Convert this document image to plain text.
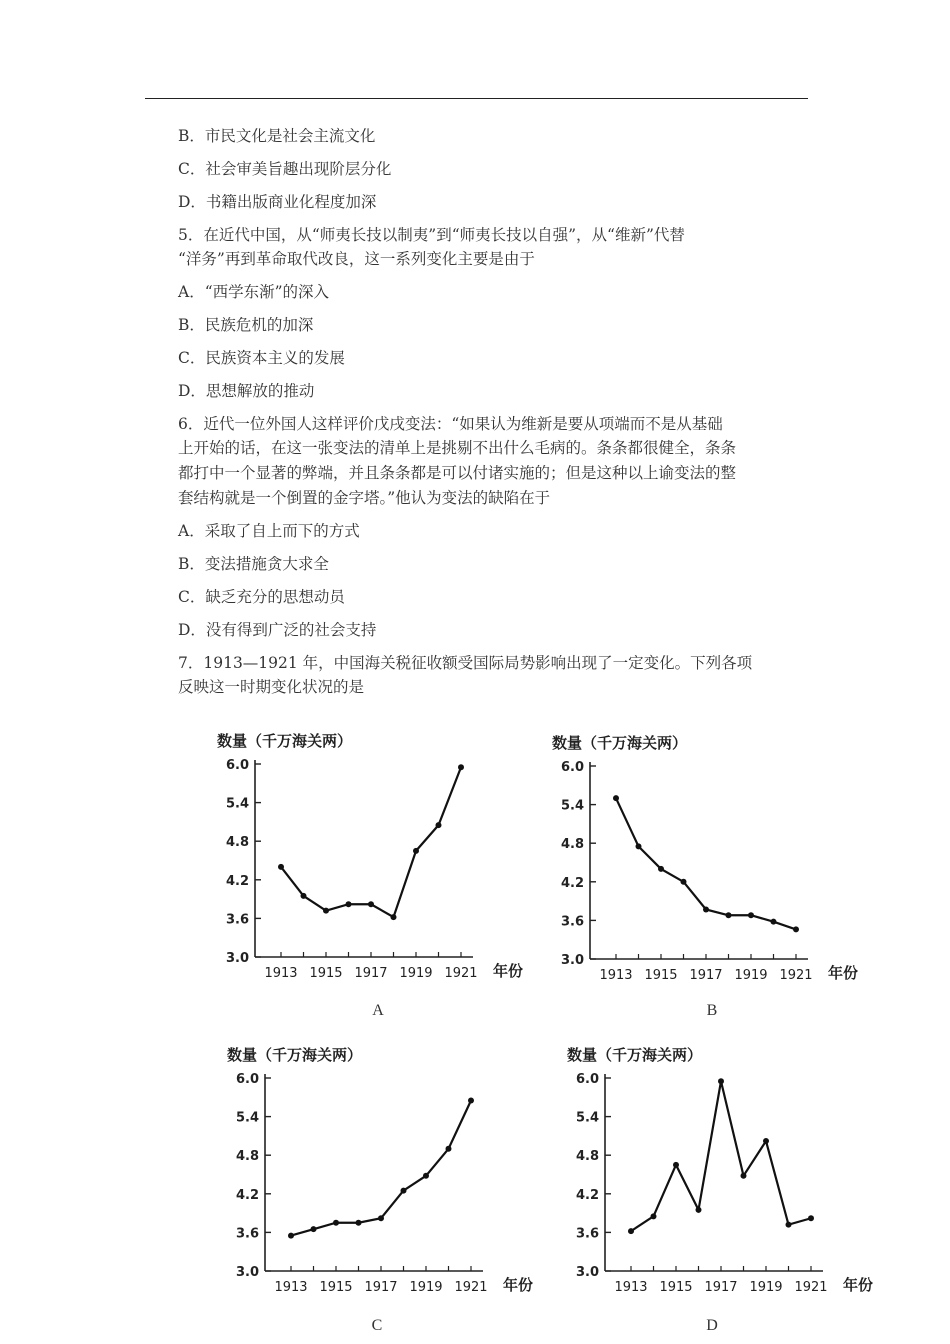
B．市民文化是社会主流文化
C．社会审美旨趣出现阶层分化
D．书籍出版商业化程度加深
5．在近代中国，从“师夷长技以制夷”到“师夷长技以自强”，从“维新”代替
“洋务”再到革命取代改良，这一系列变化主要是由于
A．“西学东渐”的深入
B．民族危机的加深
C．民族资本主义的发展
D．思想解放的推动
6．近代一位外国人这样评价戊戌变法：“如果认为维新是要从项端而不是从基础
上开始的话，在这一张变法的清单上是挑剔不出什么毛病的。条条都很健全，条条
都打中一个显著的弊端，并且条条都是可以付诸实施的；但是这种以上谕变法的整
套结构就是一个倒置的金字塔。”他认为变法的缺陷在于
A．采取了自上而下的方式
B．变法措施贪大求全
C．缺乏充分的思想动员
D．没有得到广泛的社会支持
7．1913—1921 年，中国海关税征收额受国际局势影响出现了一定变化。下列各项
反映这一时期变化状况的是
数量（千万海关两）
3.0
3.6
4.2
4.8
5.4
6.0
1913 1915 1917 1919 1921 年份
数量（千万海关两）
3.0
3.6
4.2
4.8
5.4
6.0
1913 1915 1917 1919 1921 年份
数量（千万海关两）
3.0
3.6
4.2
4.8
5.4
6.0
1913 1915 1917 1919 1921 年份
数量（千万海关两）
3.0
3.6
4.2
4.8
5.4
6.0
1913 1915 1917 1919 1921 年份
A	B
C	D
